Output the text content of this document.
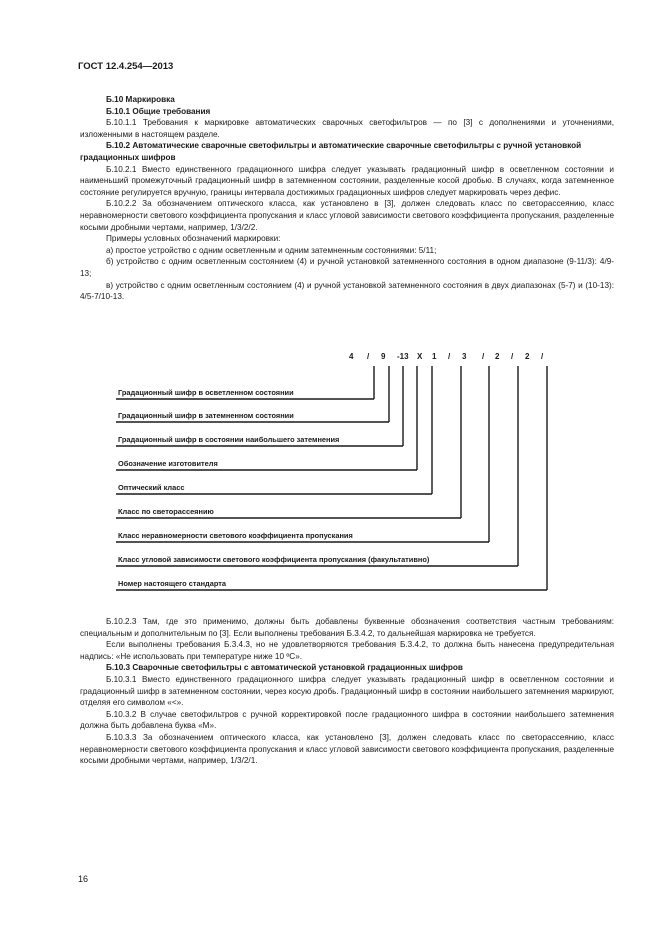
ГОСТ 12.4.254—2013

Б.10 Маркировка

Б.10.1 Общие требования

Б.10.1.1 Требования к маркировке автоматических сварочных светофильтров — по [3] с дополнениями и уточнениями, изложенными в настоящем разделе.

Б.10.2 Автоматические сварочные светофильтры и автоматические сварочные светофильтры с ручной установкой градационных шифров

Б.10.2.1 Вместо единственного градационного шифра следует указывать градационный шифр в осветленном состоянии и наименьший промежуточный градационный шифр в затемненном состоянии, разделенные косой дробью. В случаях, когда затемненное состояние регулируется вручную, границы интервала достижимых градационных шифров следует маркировать через дефис.

Б.10.2.2 За обозначением оптического класса, как установлено в [3], должен следовать класс по светорассеянию, класс неравномерности светового коэффициента пропускания и класс угловой зависимости светового коэффициента пропускания, разделенные косыми дробными чертами, например, 1/3/2/2.

Примеры условных обозначений маркировки:

а) простое устройство с одним осветленным и одним затемненным состояниями: 5/11;

б) устройство с одним осветленным состоянием (4) и ручной установкой затемненного состояния в одном диапазоне (9-11/3): 4/9-13;

в) устройство с одним осветленным состоянием (4) и ручной установкой затемненного состояния в двух диапазонах (5-7) и (10-13): 4/5-7/10-13.

4 / 9 -13 X 1 / 3 / 2 / 2 /
Градационный шифр в осветленном состоянии
Градационный шифр в затемненном состоянии
Градационный шифр в состоянии наибольшего затемнения
Обозначение изготовителя
Оптический класс
Класс по светорассеянию
Класс неравномерности светового коэффициента пропускания
Класс угловой зависимости светового коэффициента пропускания (факультативно)
Номер настоящего стандарта

Б.10.2.3 Там, где это применимо, должны быть добавлены буквенные обозначения соответствия частным требованиям: специальным и дополнительным по [3]. Если выполнены требования Б.3.4.2, то дальнейшая маркировка не требуется.

Если выполнены требования Б.3.4.3, но не удовлетворяются требования Б.3.4.2, то должна быть нанесена предупредительная надпись: «Не использовать при температуре ниже 10 ºC».

Б.10.3 Сварочные светофильтры с автоматической установкой градационных шифров

Б.10.3.1 Вместо единственного градационного шифра следует указывать градационный шифр в осветленном состоянии и градационный шифр в затемненном состоянии, через косую дробь. Градационный шифр в состоянии наибольшего затемнения маркируют, отделяя его символом «<».

Б.10.3.2 В случае светофильтров с ручной корректировкой после градационного шифра в состоянии наибольшего затемнения должна быть добавлена буква «М».

Б.10.3.3 За обозначением оптического класса, как установлено [3], должен следовать класс по светорассеянию, класс неравномерности светового коэффициента пропускания и класс угловой зависимости светового коэффициента пропускания, разделенные косыми дробными чертами, например, 1/3/2/1.

16
